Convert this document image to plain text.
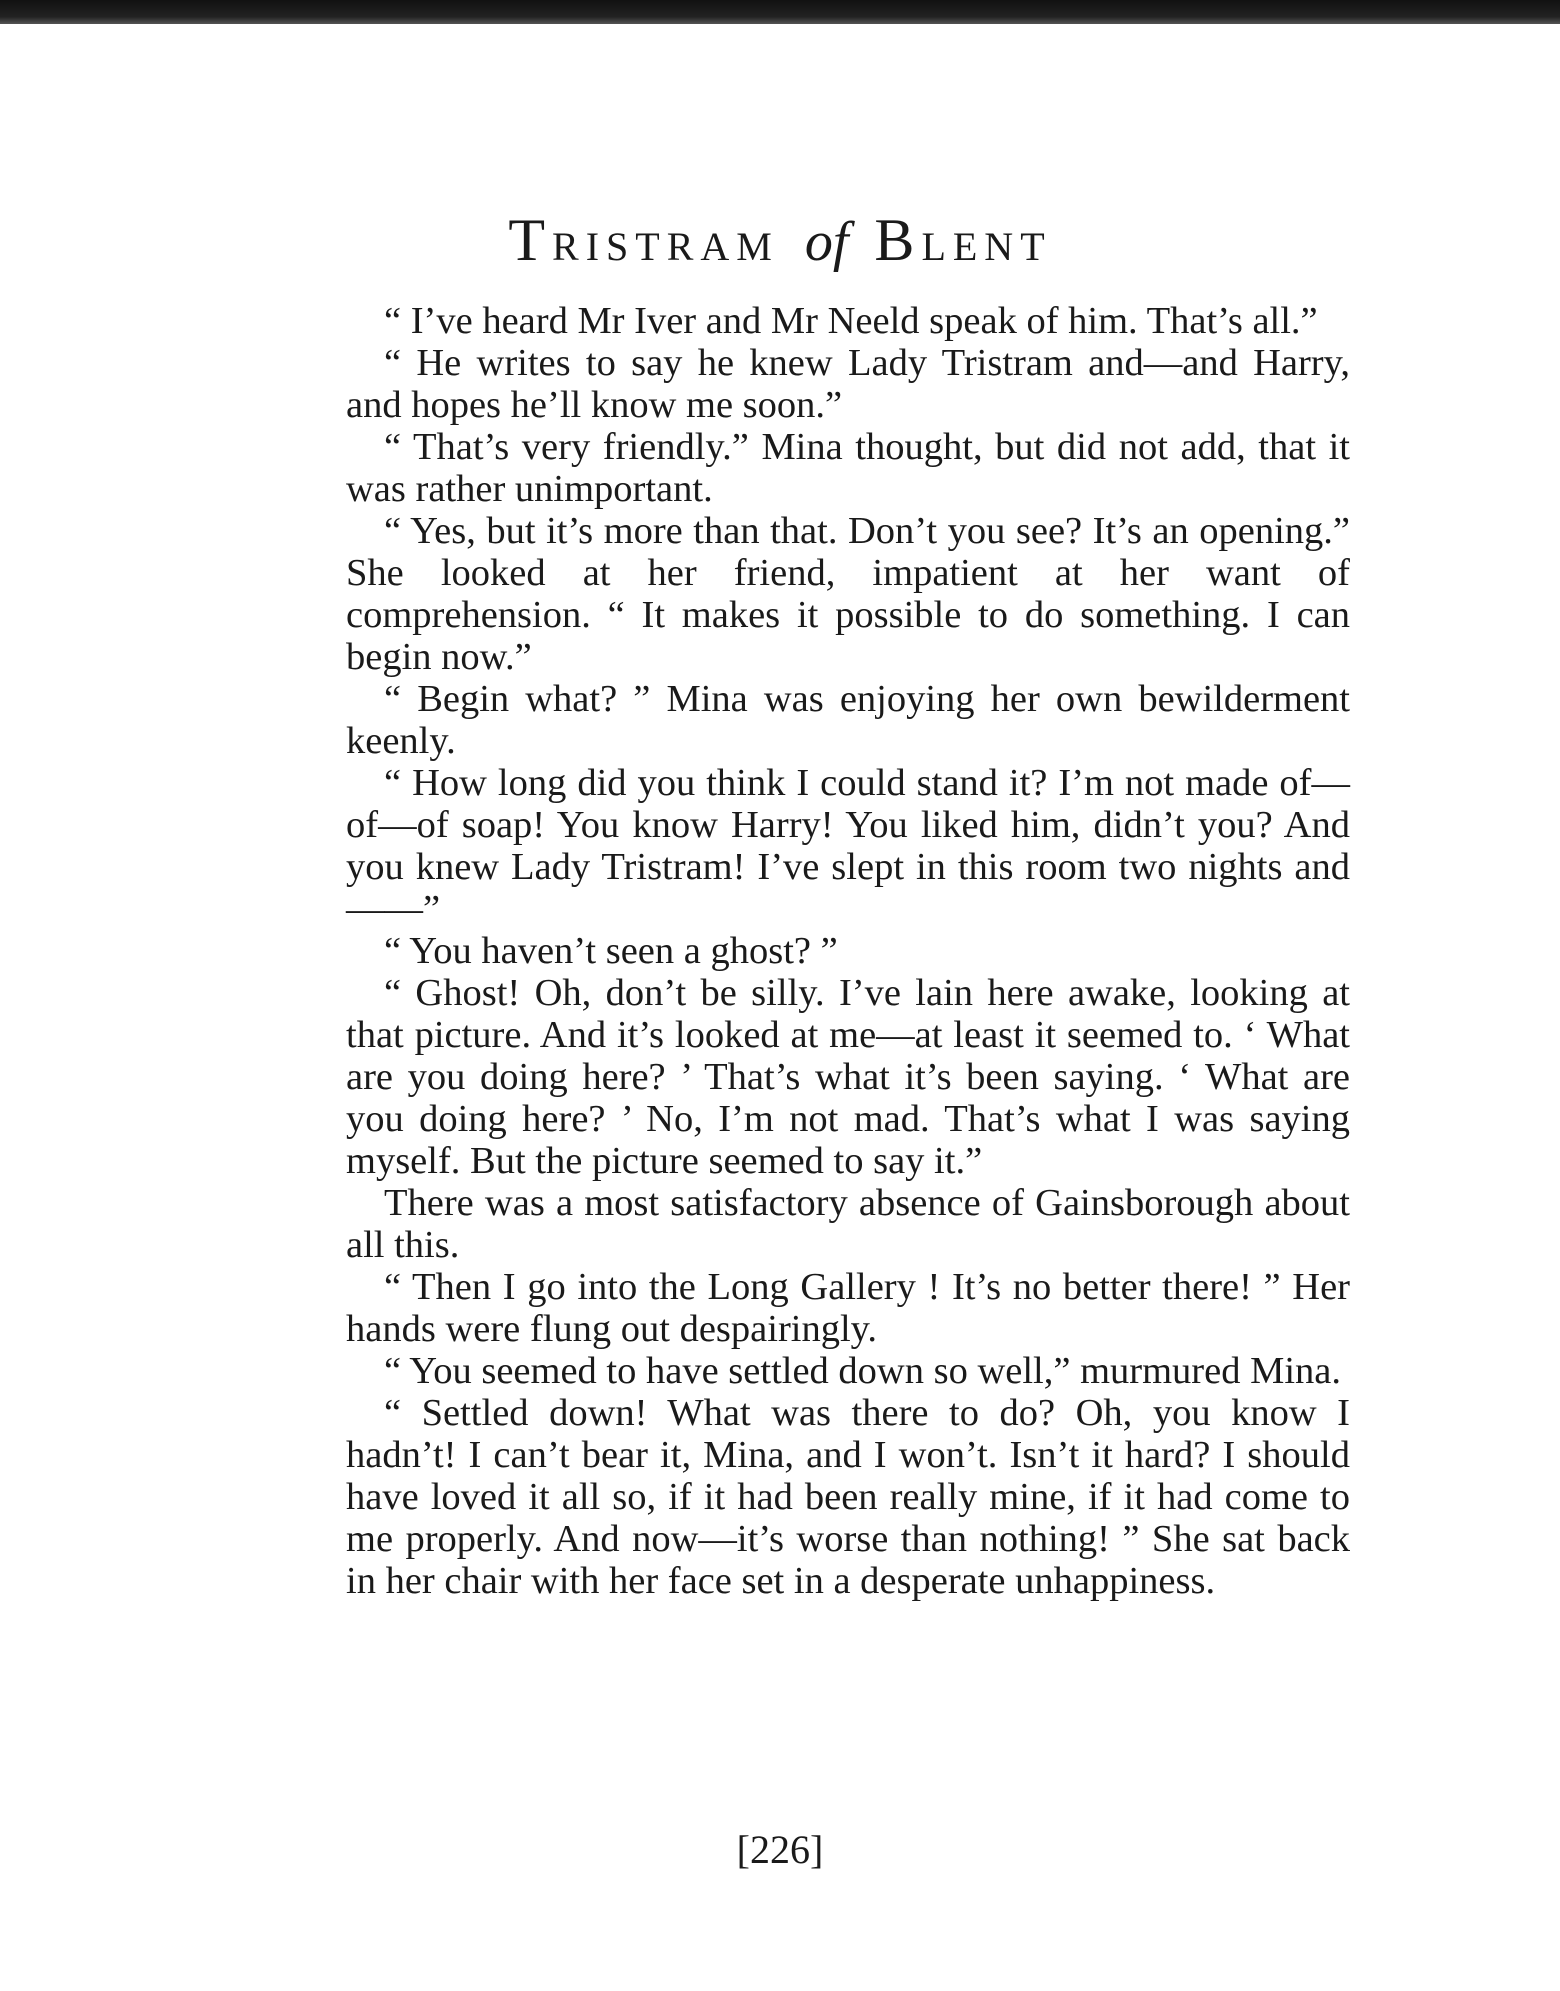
TRISTRAM of BLENT

“ I’ve heard Mr Iver and Mr Neeld speak of him. That’s all.”

“ He writes to say he knew Lady Tristram and—and Harry, and hopes he’ll know me soon.”

“ That’s very friendly.” Mina thought, but did not add, that it was rather unimportant.

“ Yes, but it’s more than that. Don’t you see? It’s an opening.” She looked at her friend, impatient at her want of comprehension. “ It makes it possible to do something. I can begin now.”

“ Begin what? ” Mina was enjoying her own bewilderment keenly.

“ How long did you think I could stand it? I’m not made of—of—of soap! You know Harry! You liked him, didn’t you? And you knew Lady Tristram! I’ve slept in this room two nights and——”

“ You haven’t seen a ghost? ”

“ Ghost! Oh, don’t be silly. I’ve lain here awake, looking at that picture. And it’s looked at me—at least it seemed to. ‘ What are you doing here? ’ That’s what it’s been saying. ‘ What are you doing here? ’ No, I’m not mad. That’s what I was saying myself. But the picture seemed to say it.”

There was a most satisfactory absence of Gainsborough about all this.

“ Then I go into the Long Gallery ! It’s no better there! ” Her hands were flung out despairingly.

“ You seemed to have settled down so well,” murmured Mina.

“ Settled down! What was there to do? Oh, you know I hadn’t! I can’t bear it, Mina, and I won’t. Isn’t it hard? I should have loved it all so, if it had been really mine, if it had come to me properly. And now—it’s worse than nothing! ” She sat back in her chair with her face set in a desperate unhappiness.

[226]
